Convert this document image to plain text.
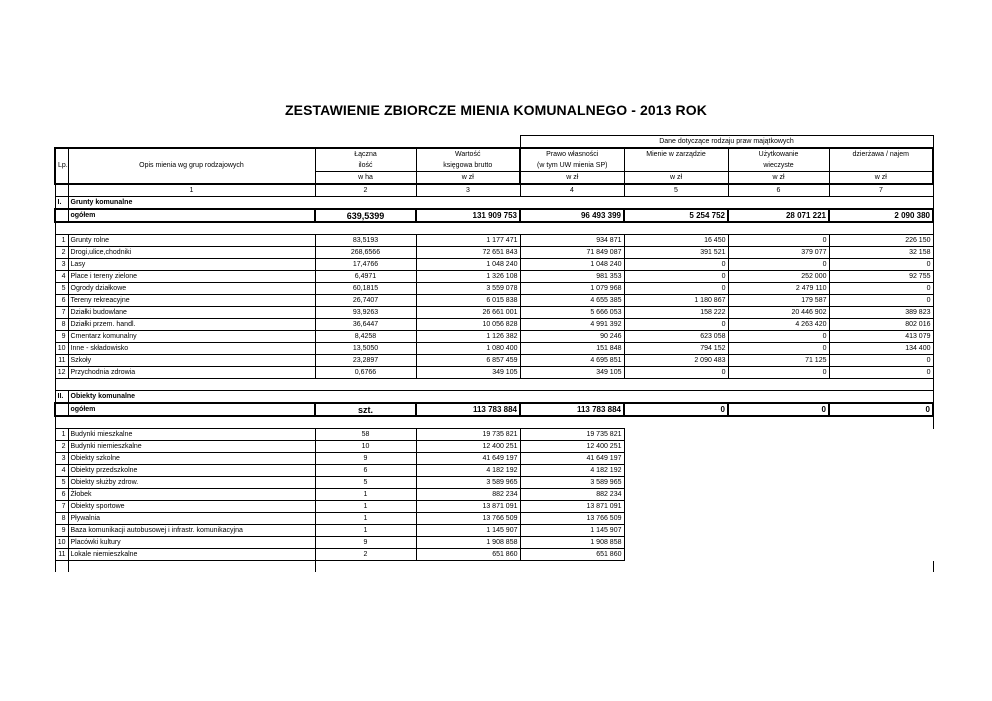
ZESTAWIENIE ZBIORCZE MIENIA KOMUNALNEGO - 2013 ROK
				Dane dotyczące rodzaju praw majątkowych			
		Łączna	Wartość	Prawo własności	Mienie w zarządzie	Użytkowanie	dzierżawa / najem
Lp.	Opis mienia wg grup rodzajowych	ilość	księgowa brutto	(w tym UW mienia SP)		wieczyste	
		w ha	w zł	w zł	w zł	w zł	w zł
	1	2	3	4	5	6	7
I.	Grunty komunalne						
	ogółem	639,5399	131 909 753	96 493 399	5 254 752	28 071 221	2 090 380

1	Grunty rolne	83,5193	1 177 471	934 871	16 450	0	226 150
2	Drogi,ulice,chodniki	268,6566	72 651 843	71 849 087	391 521	379 077	32 158
3	Lasy	17,4766	1 048 240	1 048 240	0	0	0
4	Place i tereny zielone	6,4971	1 326 108	981 353	0	252 000	92 755
5	Ogrody działkowe	60,1815	3 559 078	1 079 968	0	2 479 110	0
6	Tereny rekreacyjne	26,7407	6 015 838	4 655 385	1 180 867	179 587	0
7	Działki budowlane	93,9263	26 661 001	5 666 053	158 222	20 446 902	389 823
8	Działki przem. handl.	36,6447	10 056 828	4 991 392	0	4 263 420	802 016
9	Cmentarz komunalny	8,4258	1 126 382	90 246	623 058	0	413 079
10	Inne - składowisko	13,5050	1 080 400	151 848	794 152	0	134 400
11	Szkoły	23,2897	6 857 459	4 695 851	2 090 483	71 125	0
12	Przychodnia zdrowia	0,6766	349 105	349 105	0	0	0

II.	Obiekty komunalne						
	ogółem	szt.	113 783 884	113 783 884	0	0	0

1	Budynki mieszkalne	58	19 735 821	19 735 821			
2	Budynki niemieszkalne	10	12 400 251	12 400 251			
3	Obiekty szkolne	9	41 649 197	41 649 197			
4	Obiekty przedszkolne	6	4 182 192	4 182 192			
5	Obiekty służby zdrow.	5	3 589 965	3 589 965			
6	Żłobek	1	882 234	882 234			
7	Obiekty sportowe	1	13 871 091	13 871 091			
8	Pływalnia	1	13 766 509	13 766 509			
9	Baza komunikacji autobusowej i infrastr. komunikacyjna	1	1 145 907	1 145 907			
10	Placówki kultury	9	1 908 858	1 908 858			
11	Lokale niemieszkalne	2	651 860	651 860			
